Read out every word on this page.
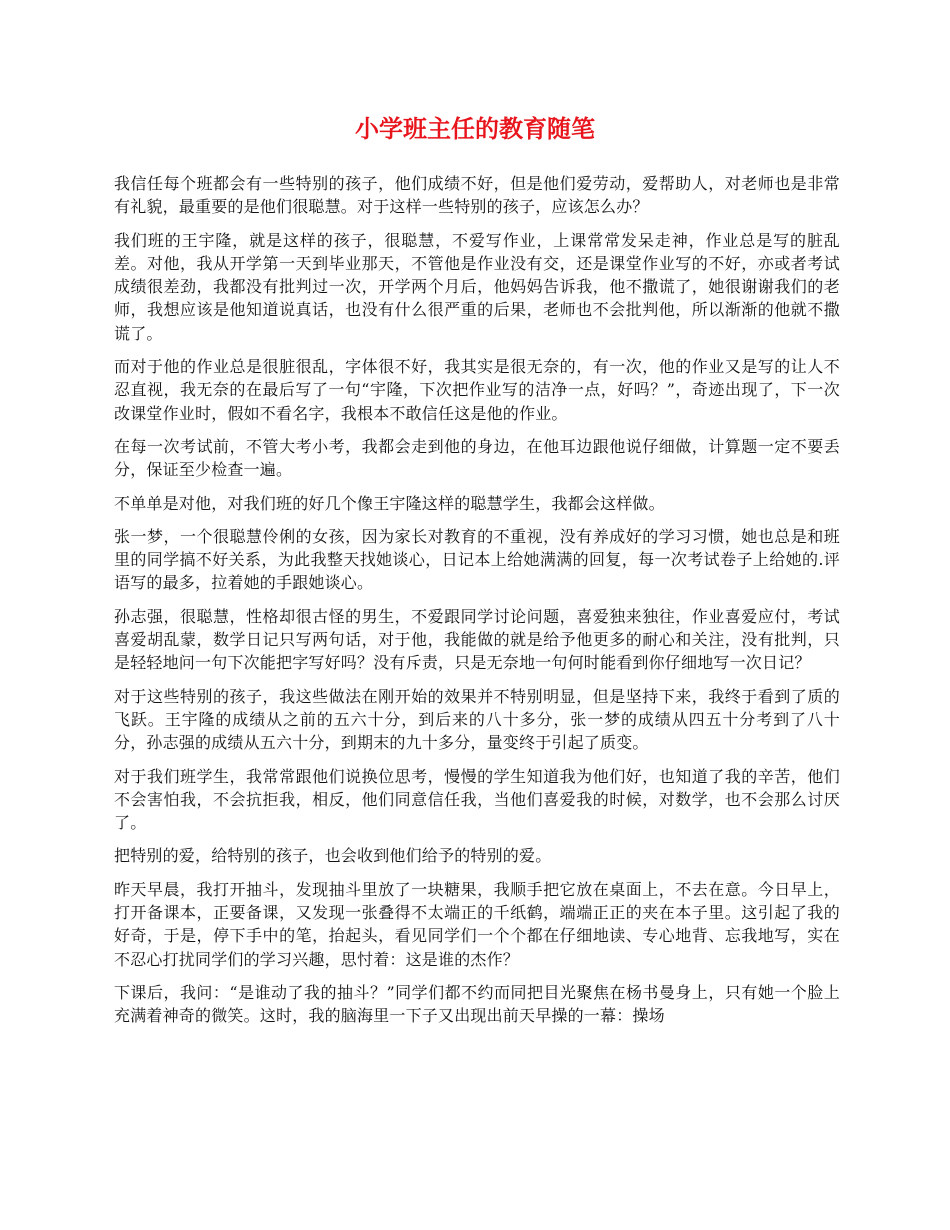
小学班主任的教育随笔

我信任每个班都会有一些特别的孩子，他们成绩不好，但是他们爱劳动，爱帮助人，对老师也是非常有礼貌，最重要的是他们很聪慧。对于这样一些特别的孩子，应该怎么办？

我们班的王宇隆，就是这样的孩子，很聪慧，不爱写作业，上课常常发呆走神，作业总是写的脏乱差。对他，我从开学第一天到毕业那天，不管他是作业没有交，还是课堂作业写的不好，亦或者考试成绩很差劲，我都没有批判过一次，开学两个月后，他妈妈告诉我，他不撒谎了，她很谢谢我们的老师，我想应该是他知道说真话，也没有什么很严重的后果，老师也不会批判他，所以渐渐的他就不撒谎了。

而对于他的作业总是很脏很乱，字体很不好，我其实是很无奈的，有一次，他的作业又是写的让人不忍直视，我无奈的在最后写了一句“宇隆，下次把作业写的洁净一点，好吗？”，奇迹出现了，下一次改课堂作业时，假如不看名字，我根本不敢信任这是他的作业。

在每一次考试前，不管大考小考，我都会走到他的身边，在他耳边跟他说仔细做，计算题一定不要丢分，保证至少检查一遍。

不单单是对他，对我们班的好几个像王宇隆这样的聪慧学生，我都会这样做。

张一梦，一个很聪慧伶俐的女孩，因为家长对教育的不重视，没有养成好的学习习惯，她也总是和班里的同学搞不好关系，为此我整天找她谈心，日记本上给她满满的回复，每一次考试卷子上给她的.评语写的最多，拉着她的手跟她谈心。

孙志强，很聪慧，性格却很古怪的男生，不爱跟同学讨论问题，喜爱独来独往，作业喜爱应付，考试喜爱胡乱蒙，数学日记只写两句话，对于他，我能做的就是给予他更多的耐心和关注，没有批判，只是轻轻地问一句下次能把字写好吗？没有斥责，只是无奈地一句何时能看到你仔细地写一次日记？

对于这些特别的孩子，我这些做法在刚开始的效果并不特别明显，但是坚持下来，我终于看到了质的飞跃。王宇隆的成绩从之前的五六十分，到后来的八十多分，张一梦的成绩从四五十分考到了八十分，孙志强的成绩从五六十分，到期末的九十多分，量变终于引起了质变。

对于我们班学生，我常常跟他们说换位思考，慢慢的学生知道我为他们好，也知道了我的辛苦，他们不会害怕我，不会抗拒我，相反，他们同意信任我，当他们喜爱我的时候，对数学，也不会那么讨厌了。

把特别的爱，给特别的孩子，也会收到他们给予的特别的爱。

昨天早晨，我打开抽斗，发现抽斗里放了一块糖果，我顺手把它放在桌面上，不去在意。今日早上，打开备课本，正要备课，又发现一张叠得不太端正的千纸鹤，端端正正的夹在本子里。这引起了我的好奇，于是，停下手中的笔，抬起头，看见同学们一个个都在仔细地读、专心地背、忘我地写，实在不忍心打扰同学们的学习兴趣，思忖着：这是谁的杰作？

下课后，我问：“是谁动了我的抽斗？”同学们都不约而同把目光聚焦在杨书曼身上，只有她一个脸上充满着神奇的微笑。这时，我的脑海里一下子又出现出前天早操的一幕：操场
